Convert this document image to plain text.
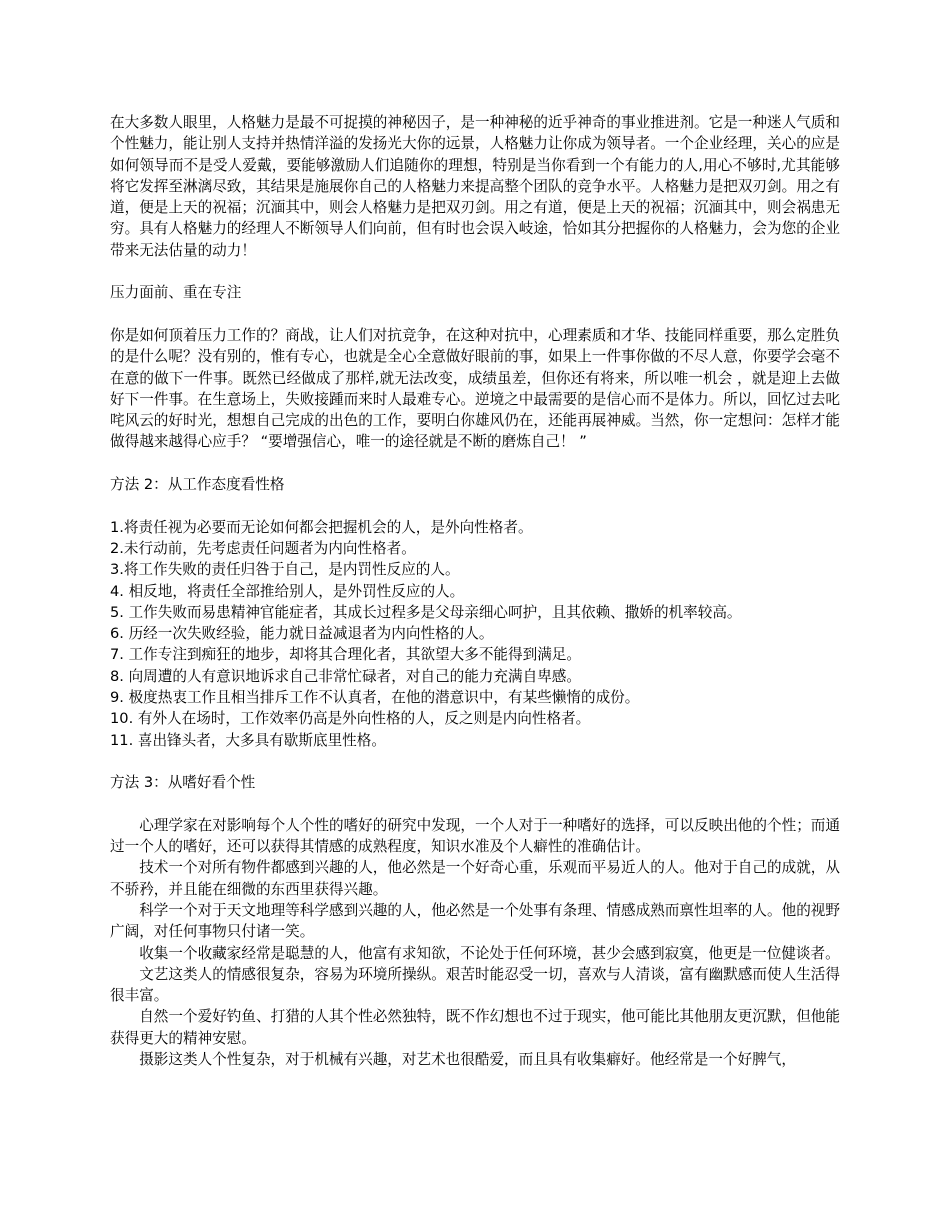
在大多数人眼里，人格魅力是最不可捉摸的神秘因子，是一种神秘的近乎神奇的事业推进剂。它是一种迷人气质和个性魅力，能让别人支持并热情洋溢的发扬光大你的远景，人格魅力让你成为领导者。一个企业经理，关心的应是如何领导而不是受人爱戴，要能够激励人们追随你的理想，特别是当你看到一个有能力的人,用心不够时,尤其能够将它发挥至淋漓尽致，其结果是施展你自己的人格魅力来提高整个团队的竞争水平。人格魅力是把双刃剑。用之有道，便是上天的祝福；沉湎其中，则会人格魅力是把双刃剑。用之有道，便是上天的祝福；沉湎其中，则会祸患无穷。具有人格魅力的经理人不断领导人们向前，但有时也会误入岐途，恰如其分把握你的人格魅力，会为您的企业带来无法估量的动力！

压力面前、重在专注

你是如何顶着压力工作的？商战，让人们对抗竞争，在这种对抗中，心理素质和才华、技能同样重要，那么定胜负的是什么呢？没有别的，惟有专心，也就是全心全意做好眼前的事，如果上一件事你做的不尽人意，你要学会毫不在意的做下一件事。既然已经做成了那样,就无法改变，成绩虽差，但你还有将来，所以唯一机会 ，就是迎上去做好下一件事。在生意场上，失败接踵而来时人最难专心。逆境之中最需要的是信心而不是体力。所以，回忆过去叱咤风云的好时光，想想自己完成的出色的工作，要明白你雄风仍在，还能再展神威。当然，你一定想问：怎样才能做得越来越得心应手？ “要增强信心，唯一的途径就是不断的磨炼自己！ ”

方法 2：从工作态度看性格

1.将责任视为必要而无论如何都会把握机会的人，是外向性格者。
2.未行动前，先考虑责任问题者为内向性格者。
3.将工作失败的责任归咎于自己，是内罚性反应的人。
4. 相反地，将责任全部推给别人，是外罚性反应的人。
5. 工作失败而易患精神官能症者，其成长过程多是父母亲细心呵护，且其依赖、撒娇的机率较高。
6. 历经一次失败经验，能力就日益减退者为内向性格的人。
7. 工作专注到痴狂的地步，却将其合理化者，其欲望大多不能得到满足。
8. 向周遭的人有意识地诉求自己非常忙碌者，对自己的能力充满自卑感。
9. 极度热衷工作且相当排斥工作不认真者，在他的潜意识中，有某些懒惰的成份。
10. 有外人在场时，工作效率仍高是外向性格的人，反之则是内向性格者。
11. 喜出锋头者，大多具有歇斯底里性格。

方法 3：从嗜好看个性

心理学家在对影响每个人个性的嗜好的研究中发现，一个人对于一种嗜好的选择，可以反映出他的个性；而通过一个人的嗜好，还可以获得其情感的成熟程度，知识水准及个人癖性的准确估计。

技术一个对所有物件都感到兴趣的人，他必然是一个好奇心重，乐观而平易近人的人。他对于自己的成就，从不骄矜，并且能在细微的东西里获得兴趣。

科学一个对于天文地理等科学感到兴趣的人，他必然是一个处事有条理、情感成熟而禀性坦率的人。他的视野广阔，对任何事物只付诸一笑。

收集一个收藏家经常是聪慧的人，他富有求知欲，不论处于任何环境，甚少会感到寂寞，他更是一位健谈者。

文艺这类人的情感很复杂，容易为环境所操纵。艰苦时能忍受一切，喜欢与人清谈，富有幽默感而使人生活得很丰富。

自然一个爱好钓鱼、打猎的人其个性必然独特，既不作幻想也不过于现实，他可能比其他朋友更沉默，但他能获得更大的精神安慰。

摄影这类人个性复杂，对于机械有兴趣，对艺术也很酷爱，而且具有收集癖好。他经常是一个好脾气，
